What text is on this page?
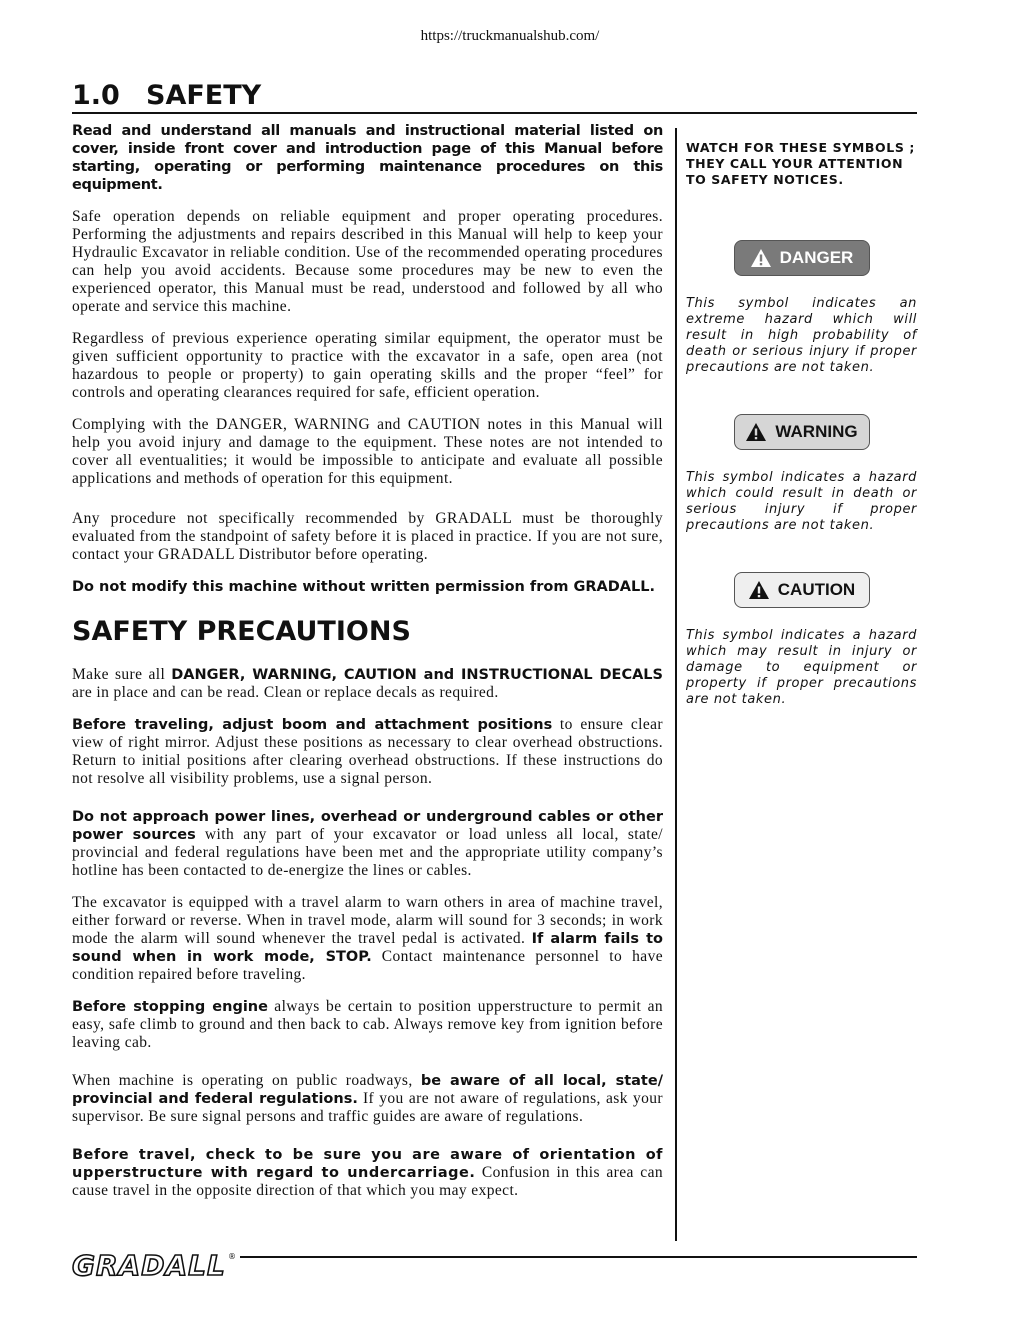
https://truckmanualshub.com/
1.0 SAFETY

Read and understand all manuals and instructional material listed on cover, inside front cover and introduction page of this Manual before starting, operating or performing maintenance procedures on this equipment.

Safe operation depends on reliable equipment and proper operating procedures. Performing the adjustments and repairs described in this Manual will help to keep your Hydraulic Excavator in reliable condition. Use of the recommended operating procedures can help you avoid accidents. Because some procedures may be new to even the experienced operator, this Manual must be read, understood and followed by all who operate and service this machine.

Regardless of previous experience operating similar equipment, the operator must be given sufficient opportunity to practice with the excavator in a safe, open area (not hazardous to people or property) to gain operating skills and the proper “feel” for controls and operating clearances required for safe, efficient operation.

Complying with the DANGER, WARNING and CAUTION notes in this Manual will help you avoid injury and damage to the equipment. These notes are not intended to cover all eventualities; it would be impossible to anticipate and evaluate all possible applications and methods of operation for this equipment.

Any procedure not specifically recommended by GRADALL must be thoroughly evaluated from the standpoint of safety before it is placed in practice. If you are not sure, contact your GRADALL Distributor before operating.

Do not modify this machine without written permission from GRADALL.

SAFETY PRECAUTIONS

Make sure all DANGER, WARNING, CAUTION and INSTRUCTIONAL DECALS are in place and can be read. Clean or replace decals as required.

Before traveling, adjust boom and attachment positions to ensure clear view of right mirror. Adjust these positions as necessary to clear overhead obstructions. Return to initial positions after clearing overhead obstructions. If these instructions do not resolve all visibility problems, use a signal person.

Do not approach power lines, overhead or underground cables or other power sources with any part of your excavator or load unless all local, state/ provincial and federal regulations have been met and the appropriate utility company’s hotline has been contacted to de-energize the lines or cables.

The excavator is equipped with a travel alarm to warn others in area of machine travel, either forward or reverse. When in travel mode, alarm will sound for 3 seconds; in work mode the alarm will sound whenever the travel pedal is activated. If alarm fails to sound when in work mode, STOP. Contact maintenance personnel to have condition repaired before traveling.

Before stopping engine always be certain to position upperstructure to permit an easy, safe climb to ground and then back to cab. Always remove key from ignition before leaving cab.

When machine is operating on public roadways, be aware of all local, state/ provincial and federal regulations. If you are not aware of regulations, ask your supervisor. Be sure signal persons and traffic guides are aware of regulations.

Before travel, check to be sure you are aware of orientation of upperstructure with regard to undercarriage. Confusion in this area can cause travel in the opposite direction of that which you may expect.

WATCH FOR THESE SYMBOLS ; THEY CALL YOUR ATTENTION TO SAFETY NOTICES.

DANGER

This symbol indicates an extreme hazard which will result in high probability of death or serious injury if proper precautions are not taken.

WARNING

This symbol indicates a hazard which could result in death or serious injury if proper precautions are not taken.

CAUTION

This symbol indicates a hazard which may result in injury or damage to equipment or property if proper precautions are not taken.

GRADALL ®
